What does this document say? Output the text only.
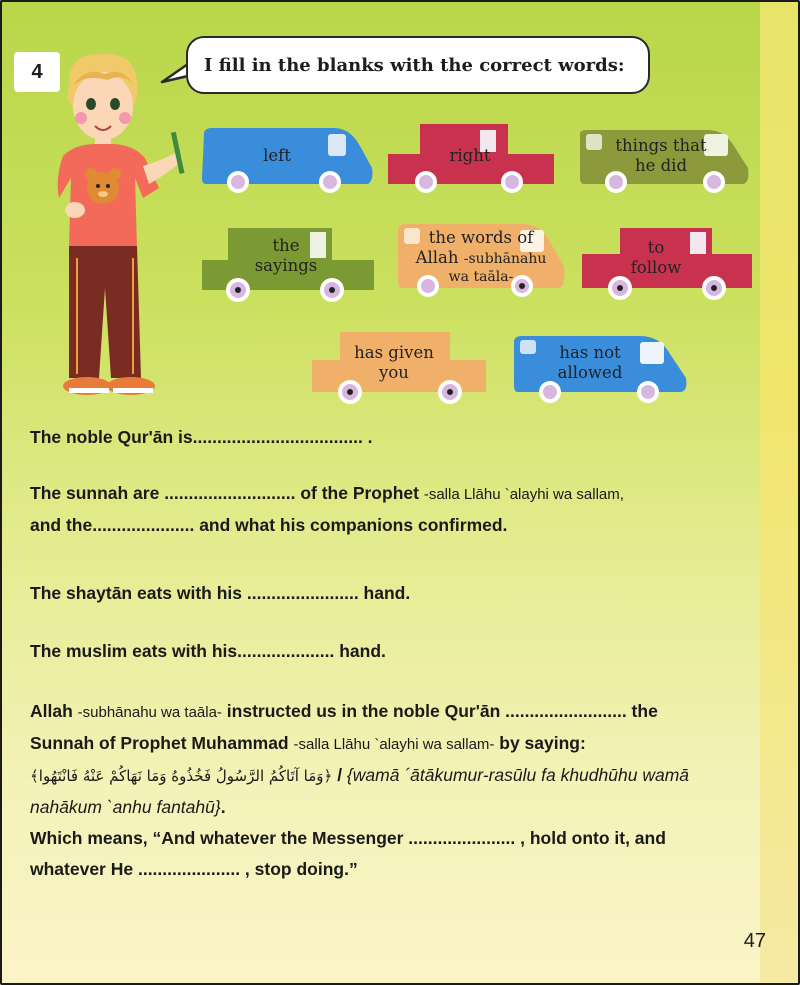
4	I fill in the blanks with the correct words:
left	right
things that
he did
the
sayings
the words of
Allah -subhānahu
wa taāla-
to
follow
has given
you
has not
allowed
The noble Qur'ān is................................... .
The sunnah are ........................... of the Prophet -salla Llāhu `alayhi wa sallam,
and the..................... and what his companions confirmed.
The shaytān eats with his ....................... hand.
The muslim eats with his.................... hand.
Allah -subhānahu wa taāla- instructed us in the noble Qur'ān ......................... the
Sunnah of Prophet Muhammad -salla Llāhu `alayhi wa sallam- by saying:
﴿وَمَا آتَاكُمُ الرَّسُولُ فَخُذُوهُ وَمَا نَهَاكُمْ عَنْهُ فَانْتَهُوا﴾ / {wamā ´ātākumur-rasūlu fa khudhūhu wamā
nahākum `anhu fantahū}.
Which means, “And whatever the Messenger ...................... , hold onto it, and
whatever He ..................... , stop doing.”
47
